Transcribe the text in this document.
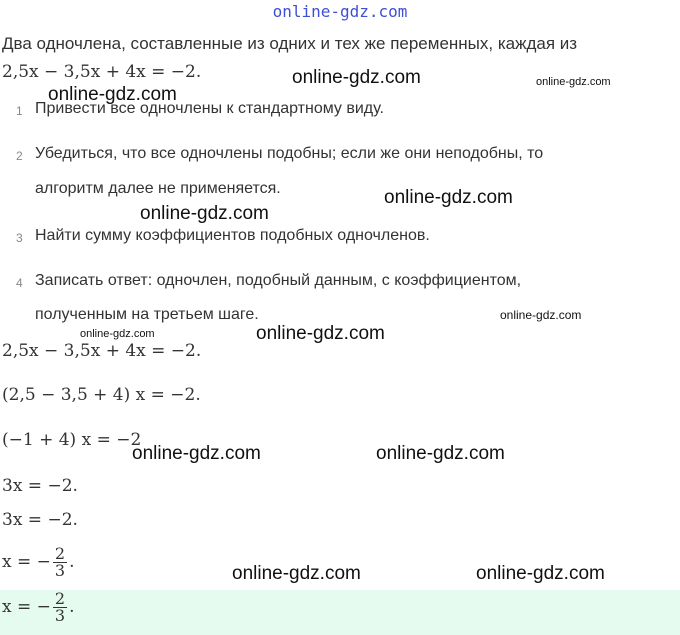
online-gdz.com
Два одночлена, составленные из одних и тех же переменных, каждая из
2,5x − 3,5x + 4x = −2.
1 Привести все одночлены к стандартному виду.
2 Убедиться, что все одночлены подобны; если же они неподобны, то
алгоритм далее не применяется.
3 Найти сумму коэффициентов подобных одночленов.
4 Записать ответ: одночлен, подобный данным, с коэффициентом,
полученным на третьем шаге.
2,5x − 3,5x + 4x = −2.
(2,5 − 3,5 + 4) x = −2.
(−1 + 4) x = −2
3x = −2.
3x = −2.
x = − $\frac{2}{3}$ .
x = − $\frac{2}{3}$ .
online-gdz.com	online-gdz.com
online-gdz.com
online-gdz.com
online-gdz.com
online-gdz.com
online-gdz.com	online-gdz.com
online-gdz.com	online-gdz.com
online-gdz.com	online-gdz.com
